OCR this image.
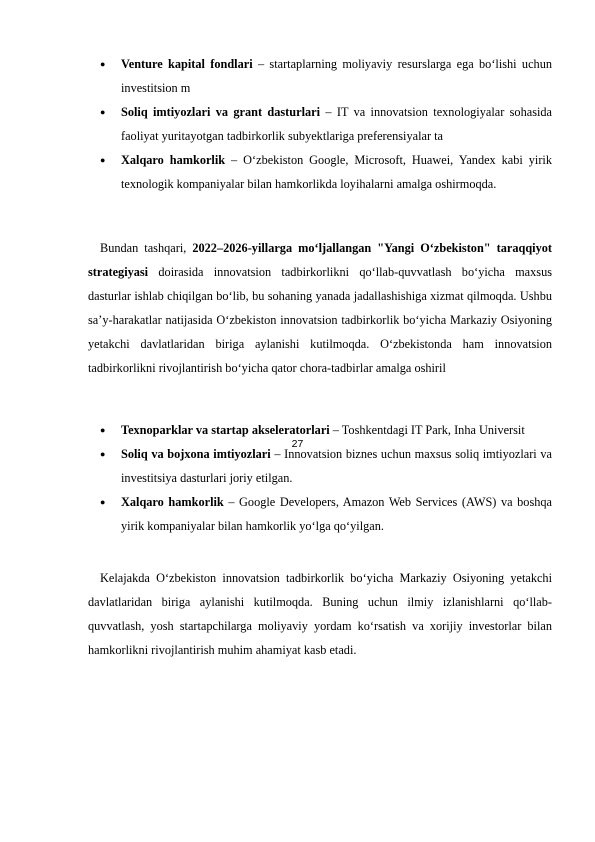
● Venture kapital fondlari – startaplarning moliyaviy resurslarga ega bo‘lishi uchun investitsion m
● Soliq imtiyozlari va grant dasturlari – IT va innovatsion texnologiyalar sohasida faoliyat yuritayotgan tadbirkorlik subyektlariga preferensiyalar ta
● Xalqaro hamkorlik – O‘zbekiston Google, Microsoft, Huawei, Yandex kabi yirik texnologik kompaniyalar bilan hamkorlikda loyihalarni amalga oshirmoqda.

Bundan tashqari, 2022–2026-yillarga mo‘ljallangan "Yangi O‘zbekiston" taraqqiyot strategiyasi doirasida innovatsion tadbirkorlikni qo‘llab-quvvatlash bo‘yicha maxsus dasturlar ishlab chiqilgan bo‘lib, bu sohaning yanada jadallashishiga xizmat qilmoqda. Ushbu sa’y-harakatlar natijasida O‘zbekiston innovatsion tadbirkorlik bo‘yicha Markaziy Osiyoning yetakchi davlatlaridan biriga aylanishi kutilmoqda. O‘zbekistonda ham innovatsion tadbirkorlikni rivojlantirish bo‘yicha qator chora-tadbirlar amalga oshiril

● Texnoparklar va startap akseleratorlari – Toshkentdagi IT Park, Inha Universit
● Soliq va bojxona imtiyozlari – Innovatsion biznes uchun maxsus soliq imtiyozlari va investitsiya dasturlari joriy etilgan.
● Xalqaro hamkorlik – Google Developers, Amazon Web Services (AWS) va boshqa yirik kompaniyalar bilan hamkorlik yo‘lga qo‘yilgan.

Kelajakda O‘zbekiston innovatsion tadbirkorlik bo‘yicha Markaziy Osiyoning yetakchi davlatlaridan biriga aylanishi kutilmoqda. Buning uchun ilmiy izlanishlarni qo‘llab-quvvatlash, yosh startapchilarga moliyaviy yordam ko‘rsatish va xorijiy investorlar bilan hamkorlikni rivojlantirish muhim ahamiyat kasb etadi.

27
